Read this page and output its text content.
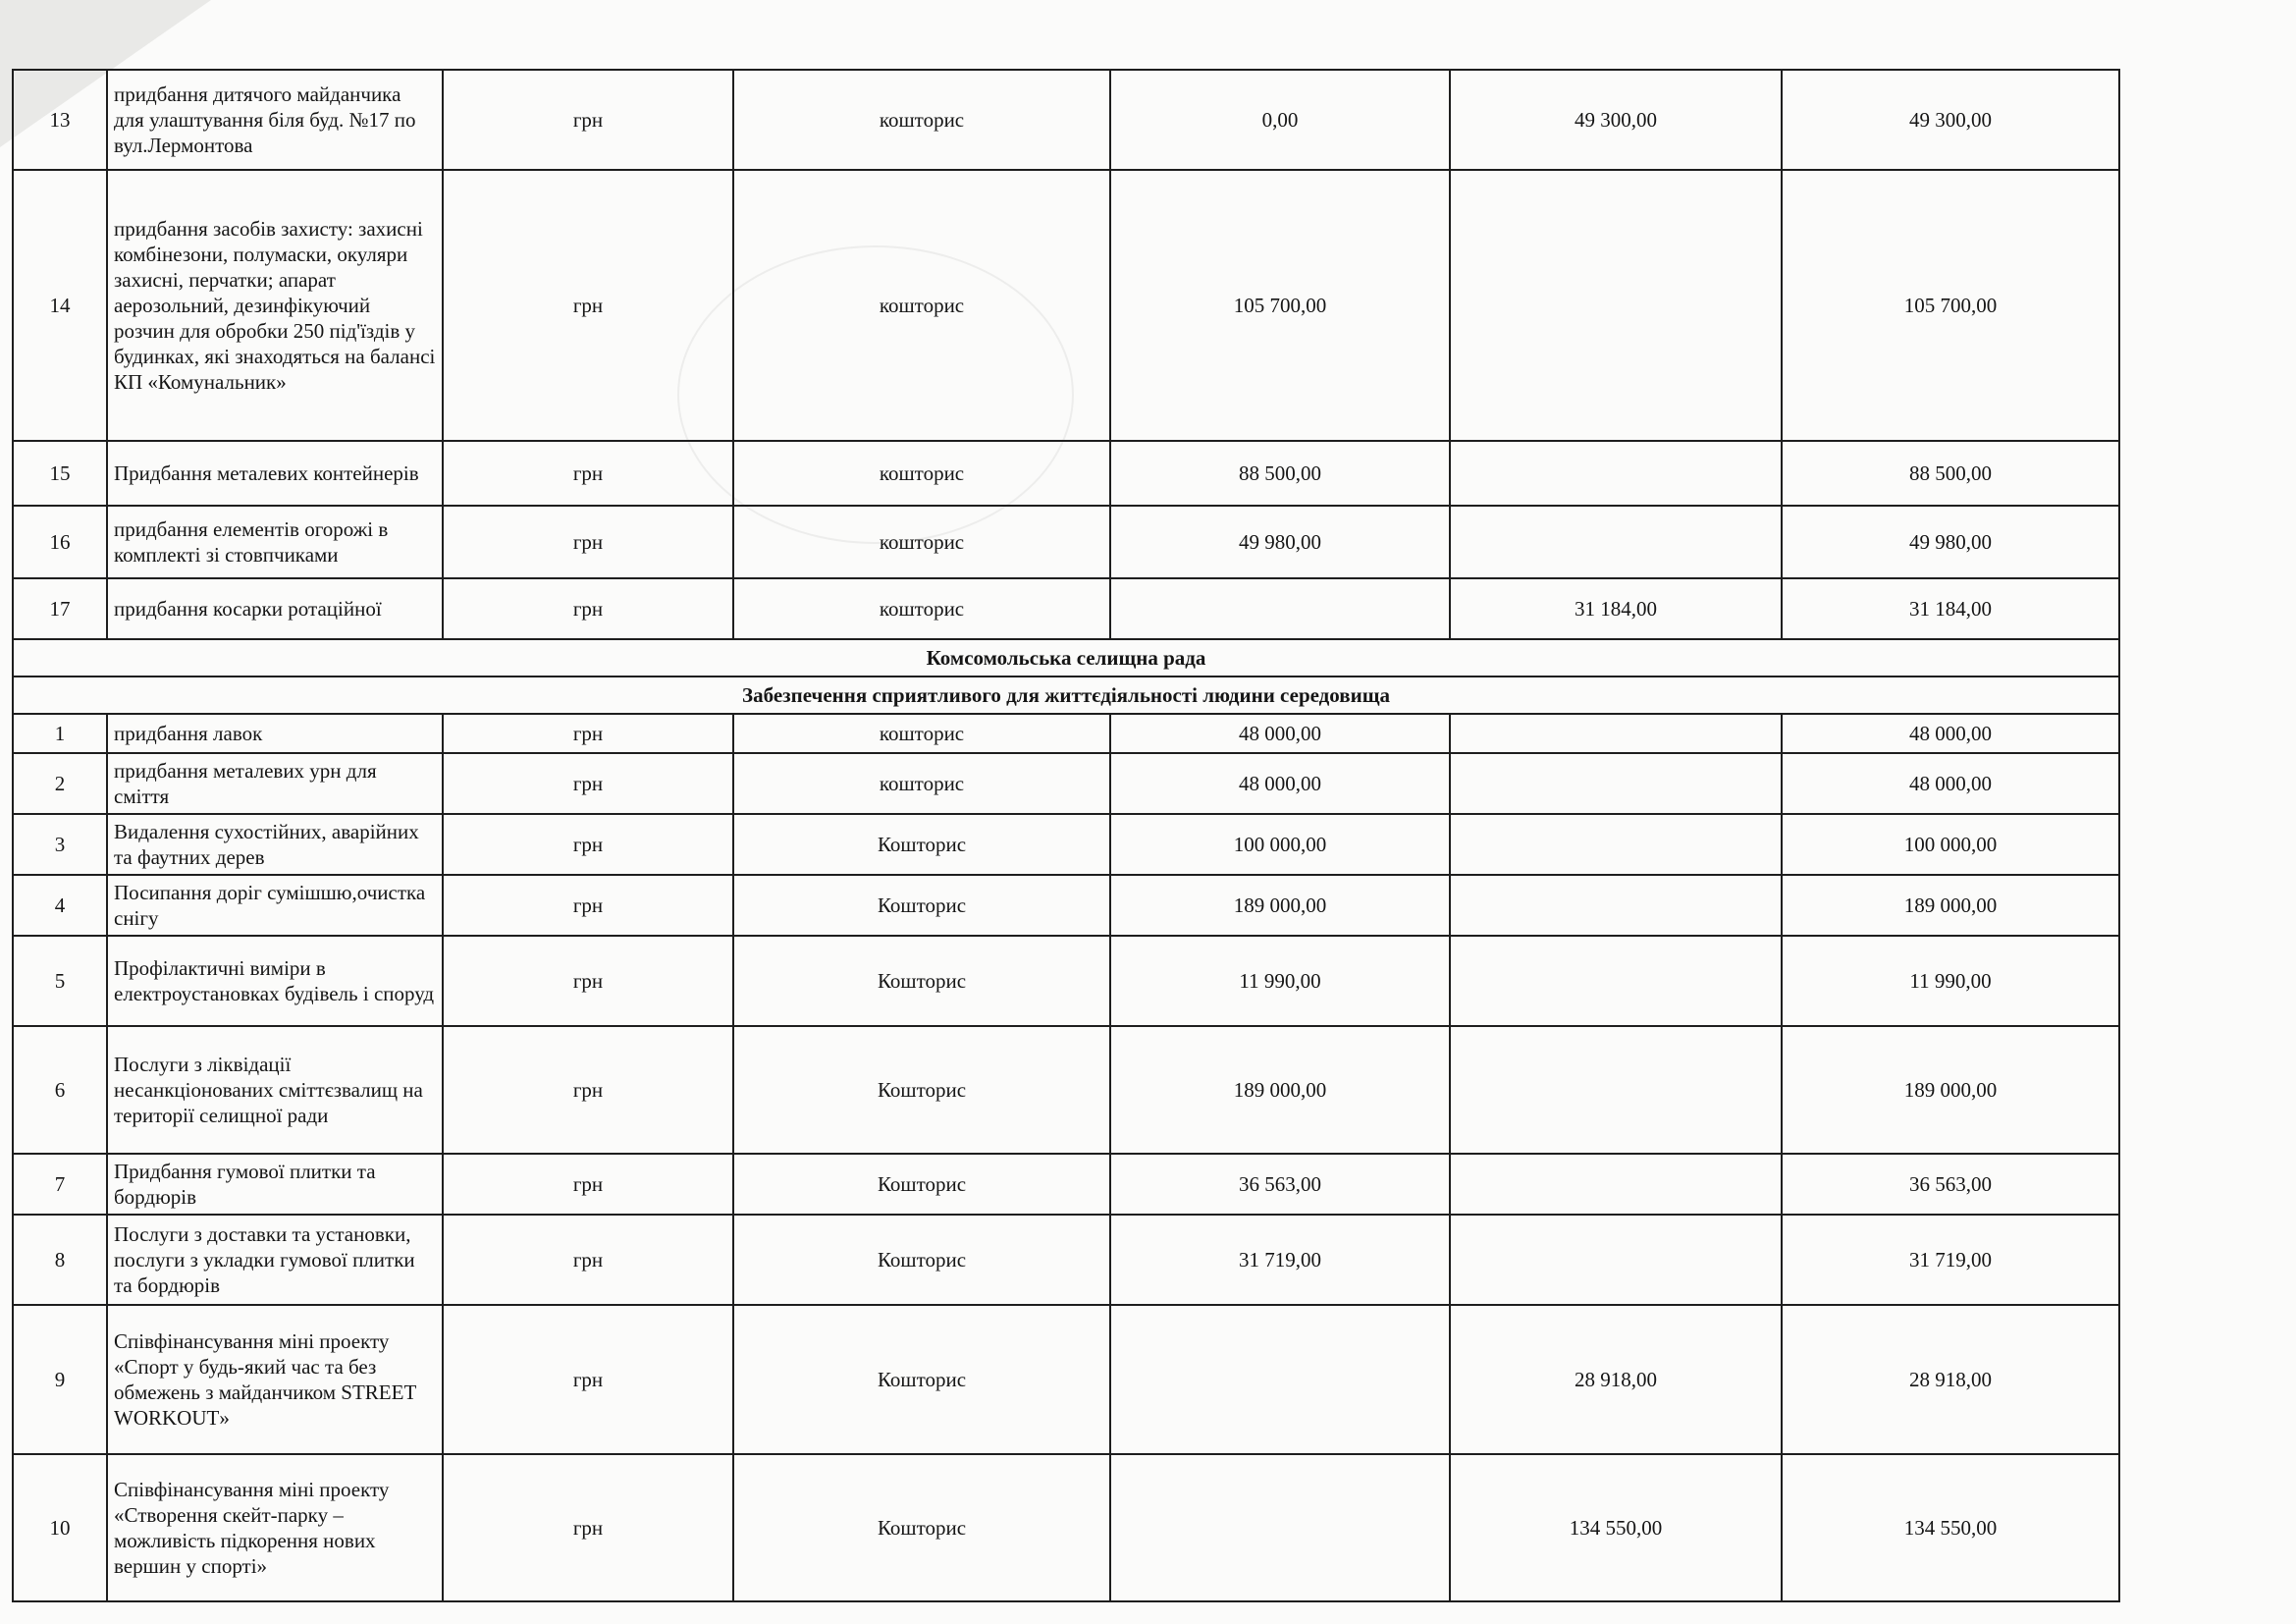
13	придбання дитячого майданчика для улаштування біля буд. №17 по вул.Лермонтова	грн	кошторис	0,00	49 300,00	49 300,00
14	придбання засобів захисту: захисні комбінезони, полумаски, окуляри захисні, перчатки; апарат аерозольний, дезинфікуючий розчин для обробки 250 під'їздів у будинках, які знаходяться на балансі КП «Комунальник»	грн	кошторис	105 700,00		105 700,00
15	Придбання металевих контейнерів	грн	кошторис	88 500,00		88 500,00
16	придбання елементів огорожі в комплекті зі стовпчиками	грн	кошторис	49 980,00		49 980,00
17	придбання косарки ротаційної	грн	кошторис		31 184,00	31 184,00
Комсомольська селищна рада						
Забезпечення сприятливого для життєдіяльності людини середовища						
1	придбання лавок	грн	кошторис	48 000,00		48 000,00
2	придбання металевих урн для сміття	грн	кошторис	48 000,00		48 000,00
3	Видалення сухостійних, аварійних та фаутних дерев	грн	Кошторис	100 000,00		100 000,00
4	Посипання доріг сумішшю,очистка снігу	грн	Кошторис	189 000,00		189 000,00
5	Профілактичні виміри в електроустановках будівель і споруд	грн	Кошторис	11 990,00		11 990,00
6	Послуги з ліквідації несанкціонованих сміттєзвалищ на території селищної ради	грн	Кошторис	189 000,00		189 000,00
7	Придбання гумової плитки та бордюрів	грн	Кошторис	36 563,00		36 563,00
8	Послуги з доставки та установки, послуги з укладки гумової плитки та бордюрів	грн	Кошторис	31 719,00		31 719,00
9	Співфінансування міні проекту «Спорт у будь-який час та без обмежень з майданчиком STREET WORKOUT»	грн	Кошторис		28 918,00	28 918,00
10	Співфінансування міні проекту «Створення скейт-парку – можливість підкорення нових вершин у спорті»	грн	Кошторис		134 550,00	134 550,00
